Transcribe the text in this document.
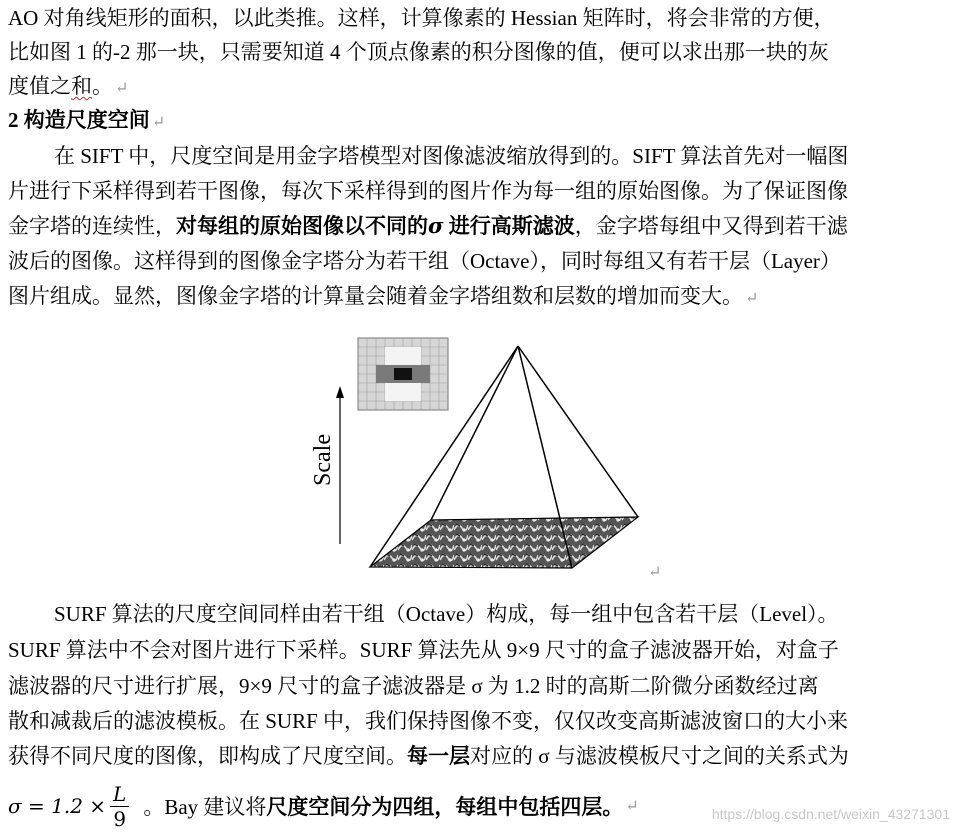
AO 对角线矩形的面积，以此类推。这样，计算像素的 Hessian 矩阵时，将会非常的方便，
比如图 1 的-2 那一块，只需要知道 4 个顶点像素的积分图像的值，便可以求出那一块的灰
度值之和。 ↵
2 构造尺度空间 ↵
在 SIFT 中，尺度空间是用金字塔模型对图像滤波缩放得到的。SIFT 算法首先对一幅图
片进行下采样得到若干图像，每次下采样得到的图片作为每一组的原始图像。为了保证图像
金字塔的连续性，对每组的原始图像以不同的σ 进行高斯滤波，金字塔每组中又得到若干滤
波后的图像。这样得到的图像金字塔分为若干组（Octave），同时每组又有若干层（Layer）
图片组成。显然，图像金字塔的计算量会随着金字塔组数和层数的增加而变大。 ↵
Scale
↵
SURF 算法的尺度空间同样由若干组（Octave）构成，每一组中包含若干层（Level）。
SURF 算法中不会对图片进行下采样。SURF 算法先从 9×9 尺寸的盒子滤波器开始，对盒子
滤波器的尺寸进行扩展，9×9 尺寸的盒子滤波器是 σ 为 1.2 时的高斯二阶微分函数经过离
散和减裁后的滤波模板。在 SURF 中，我们保持图像不变，仅仅改变高斯滤波窗口的大小来
获得不同尺度的图像，即构成了尺度空间。每一层对应的 σ 与滤波模板尺寸之间的关系式为
$\sigma = 1.2 \times \frac{L}{9}$ 。Bay 建议将 尺度空间分为四组，每组中包括四层。 ↵	https://blog.csdn.net/weixin_43271301
